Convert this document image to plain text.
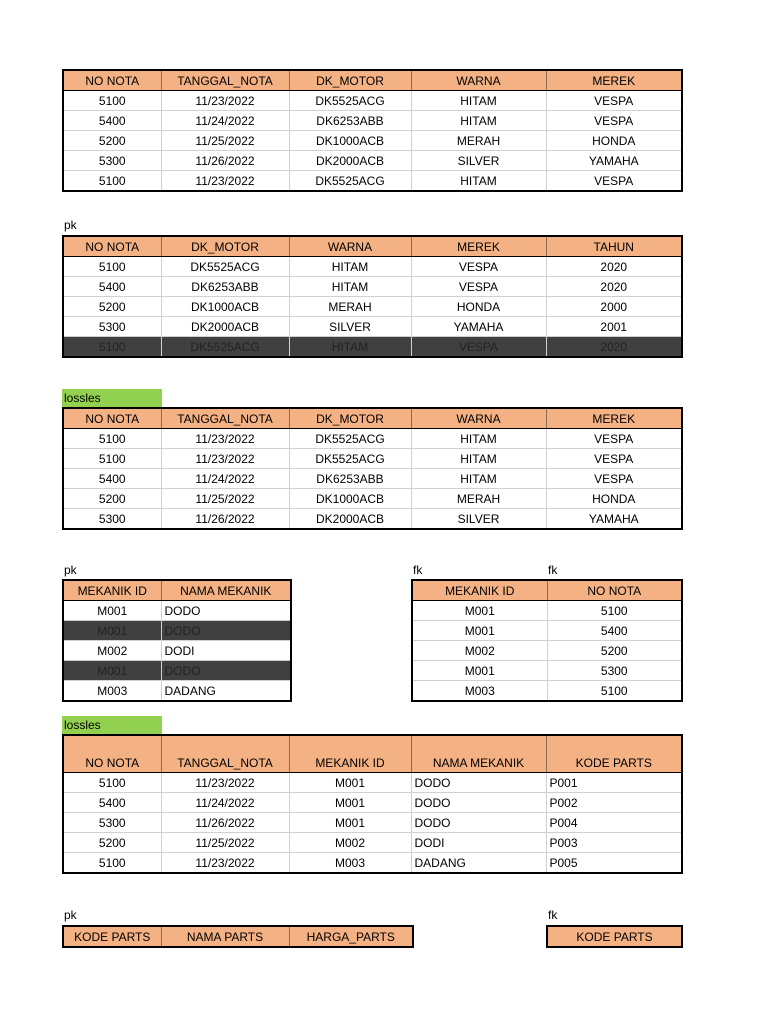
NO NOTA	TANGGAL_NOTA	DK_MOTOR	WARNA	MEREK
5100	11/23/2022	DK5525ACG	HITAM	VESPA
5400	11/24/2022	DK6253ABB	HITAM	VESPA
5200	11/25/2022	DK1000ACB	MERAH	HONDA
5300	11/26/2022	DK2000ACB	SILVER	YAMAHA
5100	11/23/2022	DK5525ACG	HITAM	VESPA
pk
NO NOTA	DK_MOTOR	WARNA	MEREK	TAHUN
5100	DK5525ACG	HITAM	VESPA	2020
5400	DK6253ABB	HITAM	VESPA	2020
5200	DK1000ACB	MERAH	HONDA	2000
5300	DK2000ACB	SILVER	YAMAHA	2001
5100	DK5525ACG	HITAM	VESPA	2020
lossles
NO NOTA	TANGGAL_NOTA	DK_MOTOR	WARNA	MEREK
5100	11/23/2022	DK5525ACG	HITAM	VESPA
5100	11/23/2022	DK5525ACG	HITAM	VESPA
5400	11/24/2022	DK6253ABB	HITAM	VESPA
5200	11/25/2022	DK1000ACB	MERAH	HONDA
5300	11/26/2022	DK2000ACB	SILVER	YAMAHA
pk
MEKANIK ID	NAMA MEKANIK
M001	DODO
M001	DODO
M002	DODI
M001	DODO
M003	DADANG
fk	fk
MEKANIK ID	NO NOTA
M001	5100
M001	5400
M002	5200
M001	5300
M003	5100
lossles
NO NOTA	TANGGAL_NOTA	MEKANIK ID	NAMA MEKANIK	KODE PARTS
5100	11/23/2022	M001	DODO	P001
5400	11/24/2022	M001	DODO	P002
5300	11/26/2022	M001	DODO	P004
5200	11/25/2022	M002	DODI	P003
5100	11/23/2022	M003	DADANG	P005
pk
KODE PARTS	NAMA PARTS	HARGA_PARTS
fk
KODE PARTS
